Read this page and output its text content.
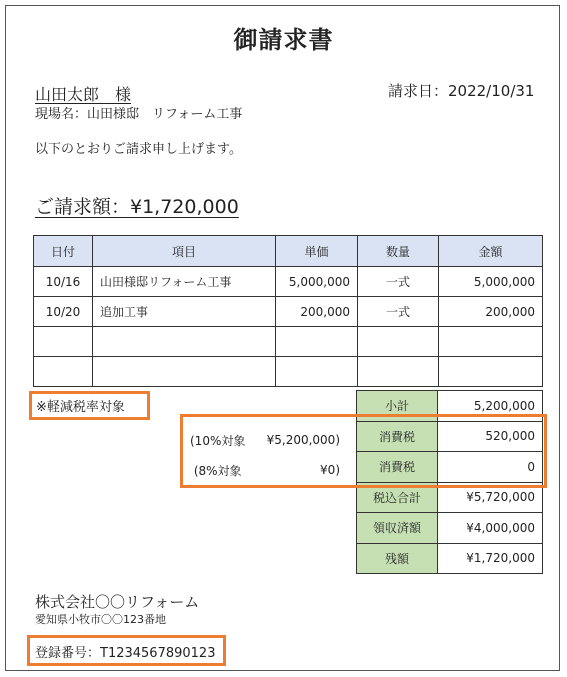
御請求書
山田太郎　様	請求日：2022/10/31
現場名：山田様邸　リフォーム工事
以下のとおりご請求申し上げます。
ご請求額：¥1,720,000
日付	項目	単価	数量	金額
10/16	山田様邸リフォーム工事	5,000,000	一式	5,000,000
10/20	追加工事	200,000	一式	200,000

小計	5,200,000
消費税	520,000
消費税	0
税込合計	¥5,720,000
領収済額	¥4,000,000
残額	¥1,720,000
(10%対象 ¥5,200,000)
(8%対象	¥0)
※軽減税率対象
株式会社〇〇リフォーム
愛知県小牧市〇〇123番地
登録番号：T1234567890123
